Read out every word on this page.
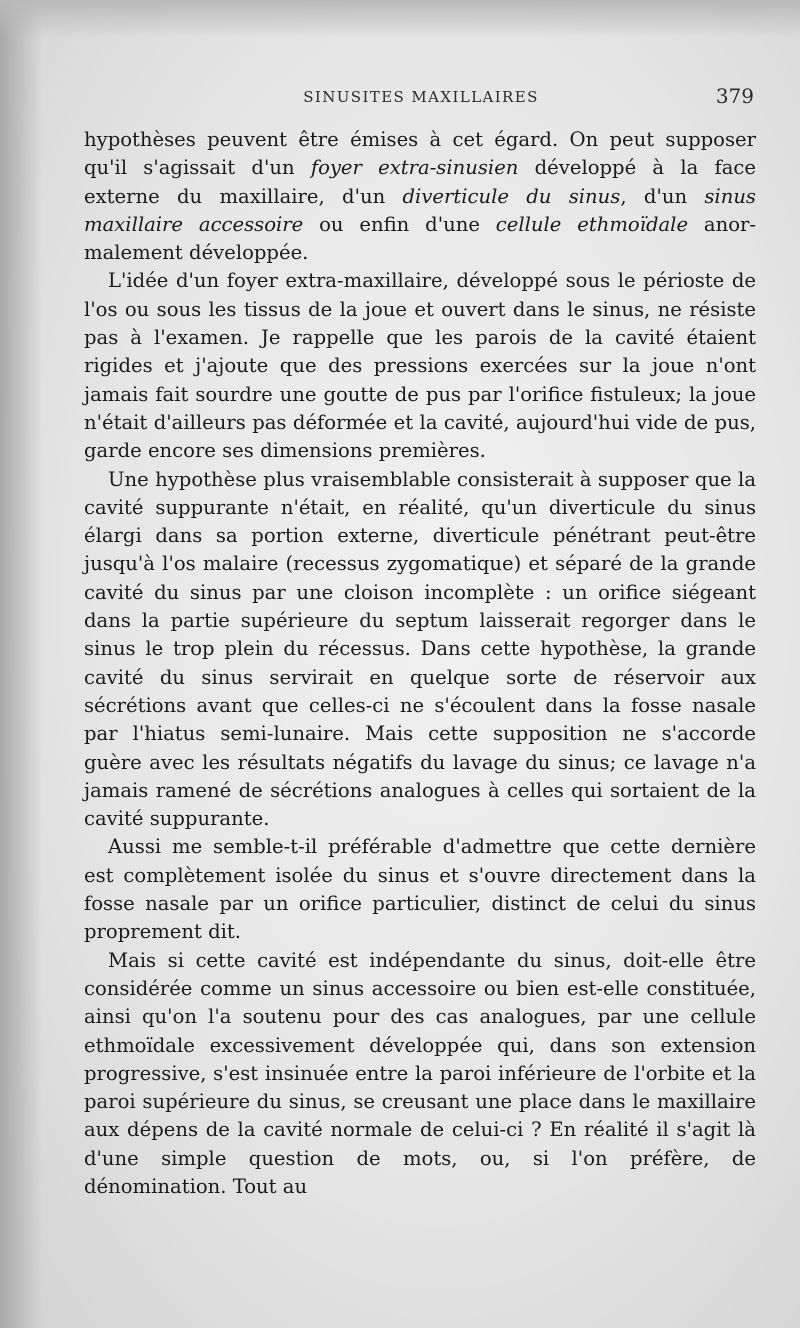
SINUSITES MAXILLAIRES	379

hypothèses peuvent être émises à cet égard. On peut supposer qu'il s'agissait d'un foyer extra-sinusien développé à la face externe du maxillaire, d'un diverticule du sinus, d'un sinus maxillaire accessoire ou enfin d'une cellule ethmoïdale anormalement développée.

L'idée d'un foyer extra-maxillaire, développé sous le périoste de l'os ou sous les tissus de la joue et ouvert dans le sinus, ne résiste pas à l'examen. Je rappelle que les parois de la cavité étaient rigides et j'ajoute que des pressions exercées sur la joue n'ont jamais fait sourdre une goutte de pus par l'orifice fistuleux; la joue n'était d'ailleurs pas déformée et la cavité, aujourd'hui vide de pus, garde encore ses dimensions premières.

Une hypothèse plus vraisemblable consisterait à supposer que la cavité suppurante n'était, en réalité, qu'un diverticule du sinus élargi dans sa portion externe, diverticule pénétrant peut-être jusqu'à l'os malaire (recessus zygomatique) et séparé de la grande cavité du sinus par une cloison incomplète : un orifice siégeant dans la partie supérieure du septum laisserait regorger dans le sinus le trop plein du récessus. Dans cette hypothèse, la grande cavité du sinus servirait en quelque sorte de réservoir aux sécrétions avant que celles-ci ne s'écoulent dans la fosse nasale par l'hiatus semi-lunaire. Mais cette supposition ne s'accorde guère avec les résultats négatifs du lavage du sinus; ce lavage n'a jamais ramené de sécrétions analogues à celles qui sortaient de la cavité suppurante.

Aussi me semble-t-il préférable d'admettre que cette dernière est complètement isolée du sinus et s'ouvre directement dans la fosse nasale par un orifice particulier, distinct de celui du sinus proprement dit.

Mais si cette cavité est indépendante du sinus, doit-elle être considérée comme un sinus accessoire ou bien est-elle constituée, ainsi qu'on l'a soutenu pour des cas analogues, par une cellule ethmoïdale excessivement développée qui, dans son extension progressive, s'est insinuée entre la paroi inférieure de l'orbite et la paroi supérieure du sinus, se creusant une place dans le maxillaire aux dépens de la cavité normale de celui-ci ? En réalité il s'agit là d'une simple question de mots, ou, si l'on préfère, de dénomination. Tout au
